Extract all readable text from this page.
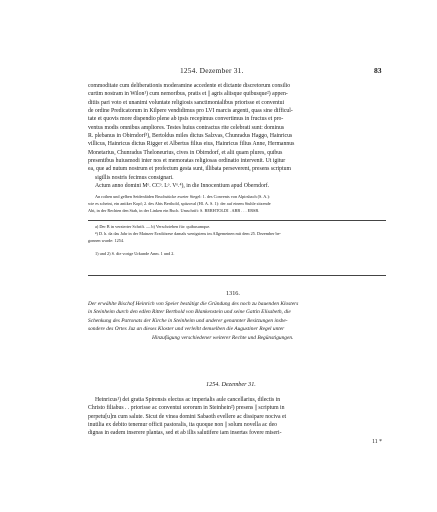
1254. Dezember 31.	83
commoditate cum deliberationis moderamine accedente et dictante discretorum consilio
curtim nostram in Wilon¹) cum nemoribus, pratis et || agris aliisque quibusque²) appen-
ditiis pari voto et unanimi voluntate religiosis sanctimonialibus priorisse et conventui
de ordine Predicatorum in Kilpere vendidimus pro LVI marcis argenti, quas sine difficul-
tate et quovis more dispendio plene ab ipsis recepimus convertimus in fructus et pro-
ventus modis omnibus ampliores. Testes huius contractus rite celebrati sunt: dominus
R. plebanus in Obirndorf³), Bertoldus miles dictus Salzvas, Chunradus Haggo, Hainricus
villicus, Hainricus dictus Rigger et Albertus filius eius, Hainricus filius Anne, Hermannus
Monetarius, Chunradus Theloneurius, cives in Obirndorf, et alii quam plures, quibus
presentibus huiusmodi inter nos et memoratas religiosas ordinatio intervenit. Ut igitur
ea, que ad nutum nostrum et profectum gesta sunt, illibata perseverent, presens scriptum
sigillis nostris fecimus consignari.
Actum anno domini Mᵒ. CCᵒ. Lᵒ. Vᵒ.⁴), in die Innocentium apud Oberndorf.
An rothen und gelben Seidenfäden Bruchstücke zweier Siegel: 1. des Convents von Alpirsbach (S. A.):
wie es scheint, ein antiker Kopf; 2. des Abts Berthold, spitzoval (Hl. A. S. 1): der auf einem Stuhle sitzende
Abt, in der Rechten den Stab, in der Linken ein Buch. Umschrift: S. BERHTOLDI . ABB . . . ERSB.
a) Der B in verzierter Schrift. — b) Verschrieben für: quibusumque.
⁴) D. h. da das Jahr in der Mainzer Erzdiözese damals wenigstens im Allgemeinen mit dem 25. Dezember be-
gonnen wurde: 1254.
1) und 2) S. die vorige Urkunde Anm. 1 und 2.
1316.
Der erwählte Bischof Heinrich von Speier bestätigt die Gründung des noch zu bauenden Klosters
in Steinheim durch den edlen Ritter Berthold von Blankenstein und seine Gattin Elisabeth, die
Schenkung des Patronats der Kirche in Steinheim und anderer genannter Besitzungen insbe-
sondere des Ortes Juz an dieses Kloster und verleiht demselben die Augustiner Regel unter
Hinzufügung verschiedener weiterer Rechte und Begünstigungen.
1254. Dezember 31.
Heinricus¹) dei gratia Spirensis electus ac imperialis aule cancellarius, dilectis in
Christo filiabus . . priorisse ac conventui sororum in Steinhein²) presens || scriptum in
perpetu[u]m cum salute. Sicut de vinea domini Sabaoth evellere ac dissipare nociva et
inutilia ex debito tenemur officii pastoralis, ita quoque non || solum novella ac deo
dignas in eadem inserere plantas, sed et ab illis salutifere iam insertas fovere miseri-
11 *
